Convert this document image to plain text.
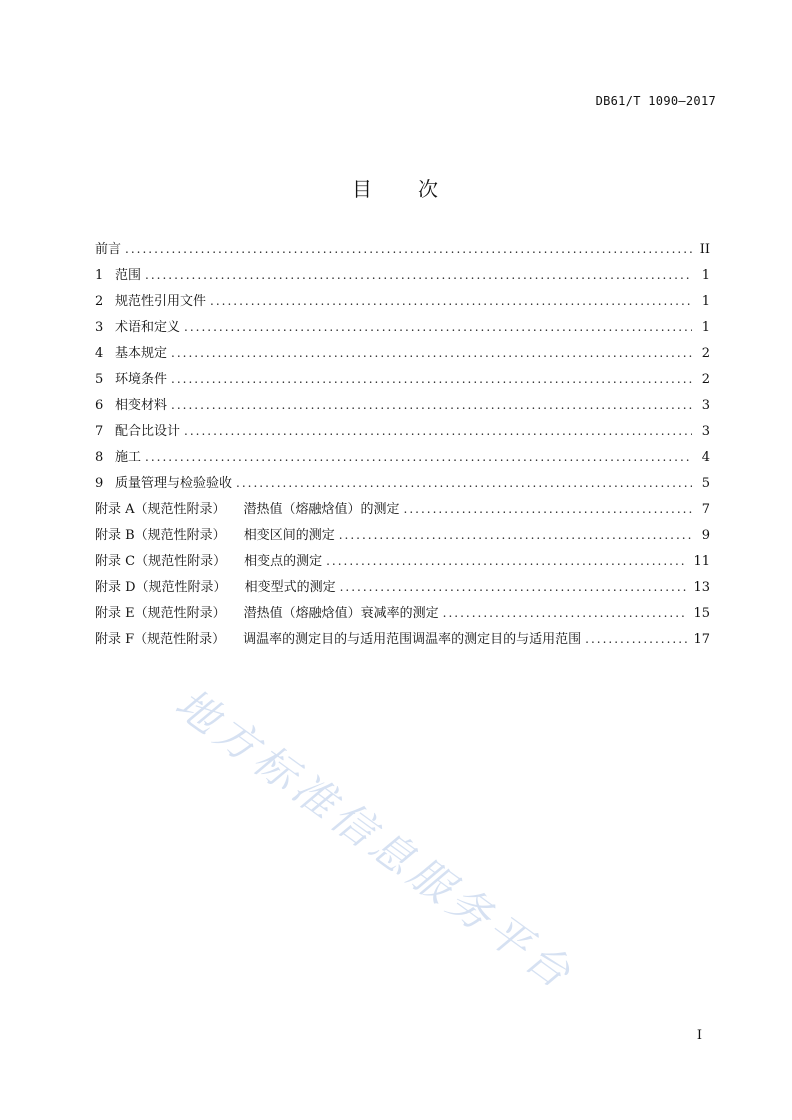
DB61/T 1090—2017
目 次
前言 .....	II
1 范围 .....	1
2 规范性引用文件 .....	1
3 术语和定义 .....	1
4 基本规定 .....	2
5 环境条件 .....	2
6 相变材料 .....	3
7 配合比设计 .....	3
8 施工 .....	4
9 质量管理与检验验收 .....	5
附录 A（规范性附录） 潜热值（熔融焓值）的测定 .....	7
附录 B（规范性附录） 相变区间的测定 .....	9
附录 C（规范性附录） 相变点的测定 .....	11
附录 D（规范性附录） 相变型式的测定 .....	13
附录 E（规范性附录） 潜热值（熔融焓值）衰减率的测定 .....	15
附录 F（规范性附录） 调温率的测定目的与适用范围调温率的测定目的与适用范围 .....	17
地方标准信息服务平台
I
